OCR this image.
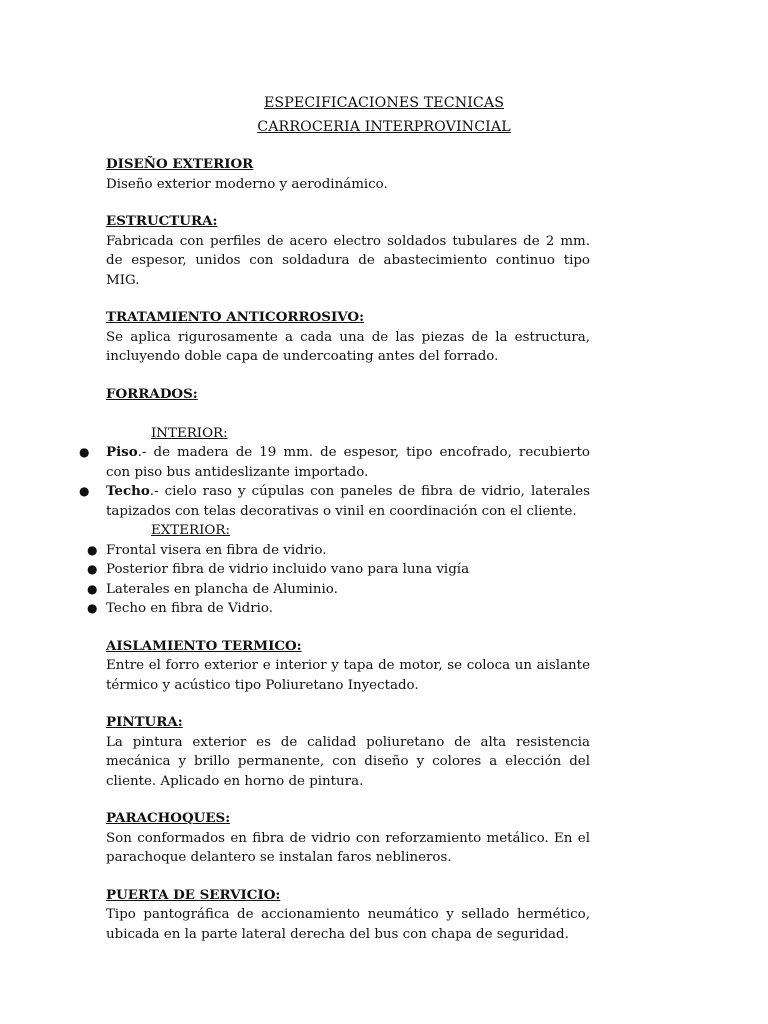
ESPECIFICACIONES TECNICAS
CARROCERIA INTERPROVINCIAL
DISEÑO EXTERIOR
Diseño exterior moderno y aerodinámico.
ESTRUCTURA:
Fabricada con perfiles de acero electro soldados tubulares de 2 mm. de espesor, unidos con soldadura de abastecimiento continuo tipo MIG.
TRATAMIENTO ANTICORROSIVO:
Se aplica rigurosamente a cada una de las piezas de la estructura, incluyendo doble capa de undercoating antes del forrado.
FORRADOS:
INTERIOR:
● Piso.- de madera de 19 mm. de espesor, tipo encofrado, recubierto con piso bus antideslizante importado.
● Techo.- cielo raso y cúpulas con paneles de fibra de vidrio, laterales tapizados con telas decorativas o vinil en coordinación con el cliente.
EXTERIOR:
● Frontal visera en fibra de vidrio.
● Posterior fibra de vidrio incluido vano para luna vigía
● Laterales en plancha de Aluminio.
● Techo en fibra de Vidrio.
AISLAMIENTO TERMICO:
Entre el forro exterior e interior y tapa de motor, se coloca un aislante térmico y acústico tipo Poliuretano Inyectado.
PINTURA:
La pintura exterior es de calidad poliuretano de alta resistencia mecánica y brillo permanente, con diseño y colores a elección del cliente. Aplicado en horno de pintura.
PARACHOQUES:
Son conformados en fibra de vidrio con reforzamiento metálico. En el parachoque delantero se instalan faros neblineros.
PUERTA DE SERVICIO:
Tipo pantográfica de accionamiento neumático y sellado hermético, ubicada en la parte lateral derecha del bus con chapa de seguridad.
